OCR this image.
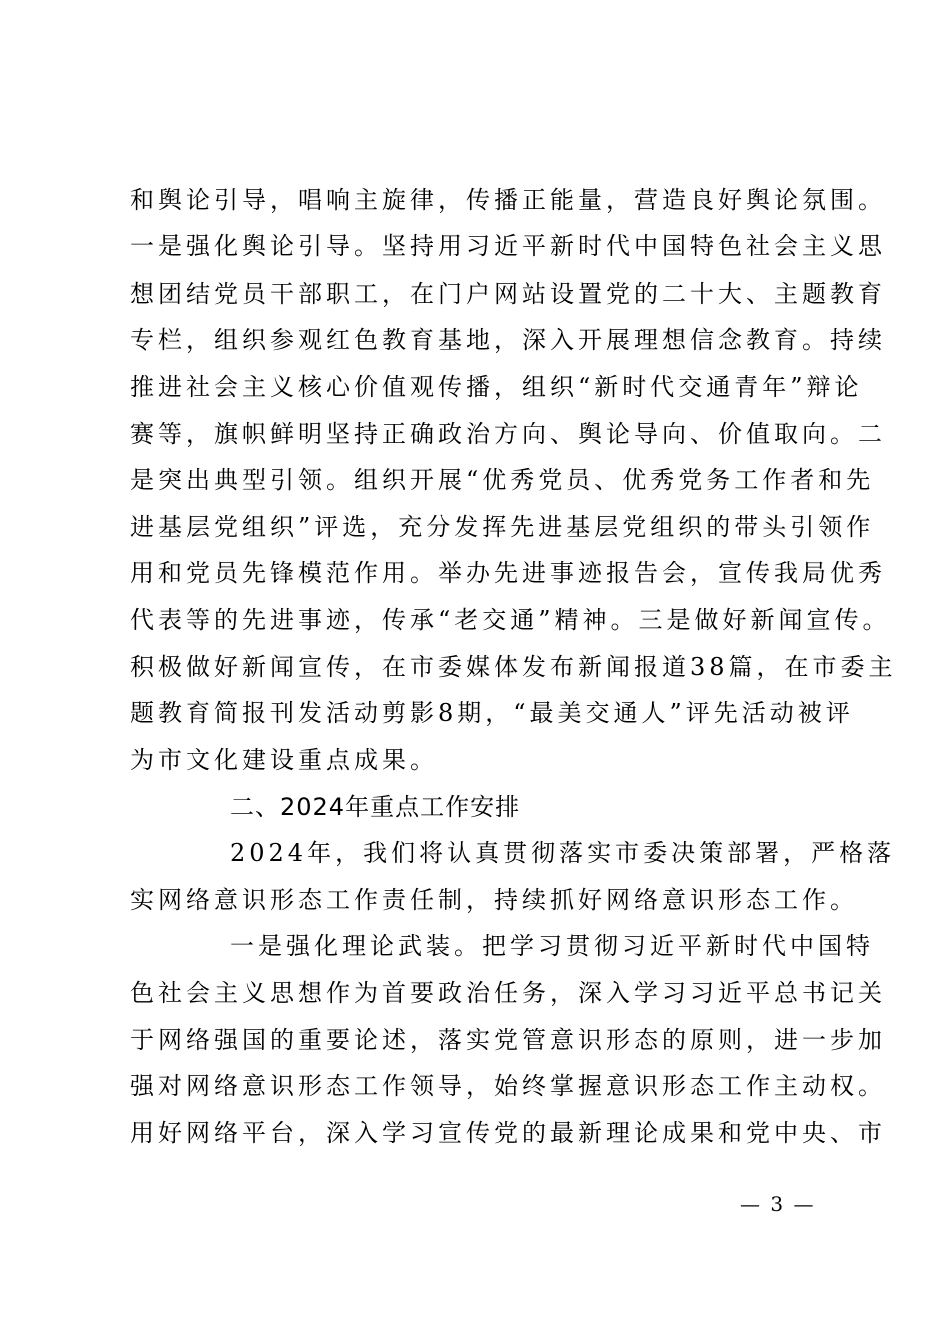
和舆论引导，唱响主旋律，传播正能量，营造良好舆论氛围。
一是强化舆论引导。坚持用习近平新时代中国特色社会主义思
想团结党员干部职工，在门户网站设置党的二十大、主题教育
专栏，组织参观红色教育基地，深入开展理想信念教育。持续
推进社会主义核心价值观传播，组织“新时代交通青年”辩论
赛等，旗帜鲜明坚持正确政治方向、舆论导向、价值取向。二
是突出典型引领。组织开展“优秀党员、优秀党务工作者和先
进基层党组织”评选，充分发挥先进基层党组织的带头引领作
用和党员先锋模范作用。举办先进事迹报告会，宣传我局优秀
代表等的先进事迹，传承“老交通”精神。三是做好新闻宣传。
积极做好新闻宣传，在市委媒体发布新闻报道38篇，在市委主
题教育简报刊发活动剪影8期，“最美交通人”评先活动被评
为市文化建设重点成果。
二、2024年重点工作安排
2024年，我们将认真贯彻落实市委决策部署，严格落
实网络意识形态工作责任制，持续抓好网络意识形态工作。
一是强化理论武装。把学习贯彻习近平新时代中国特
色社会主义思想作为首要政治任务，深入学习习近平总书记关
于网络强国的重要论述，落实党管意识形态的原则，进一步加
强对网络意识形态工作领导，始终掌握意识形态工作主动权。
用好网络平台，深入学习宣传党的最新理论成果和党中央、市
— 3 —
